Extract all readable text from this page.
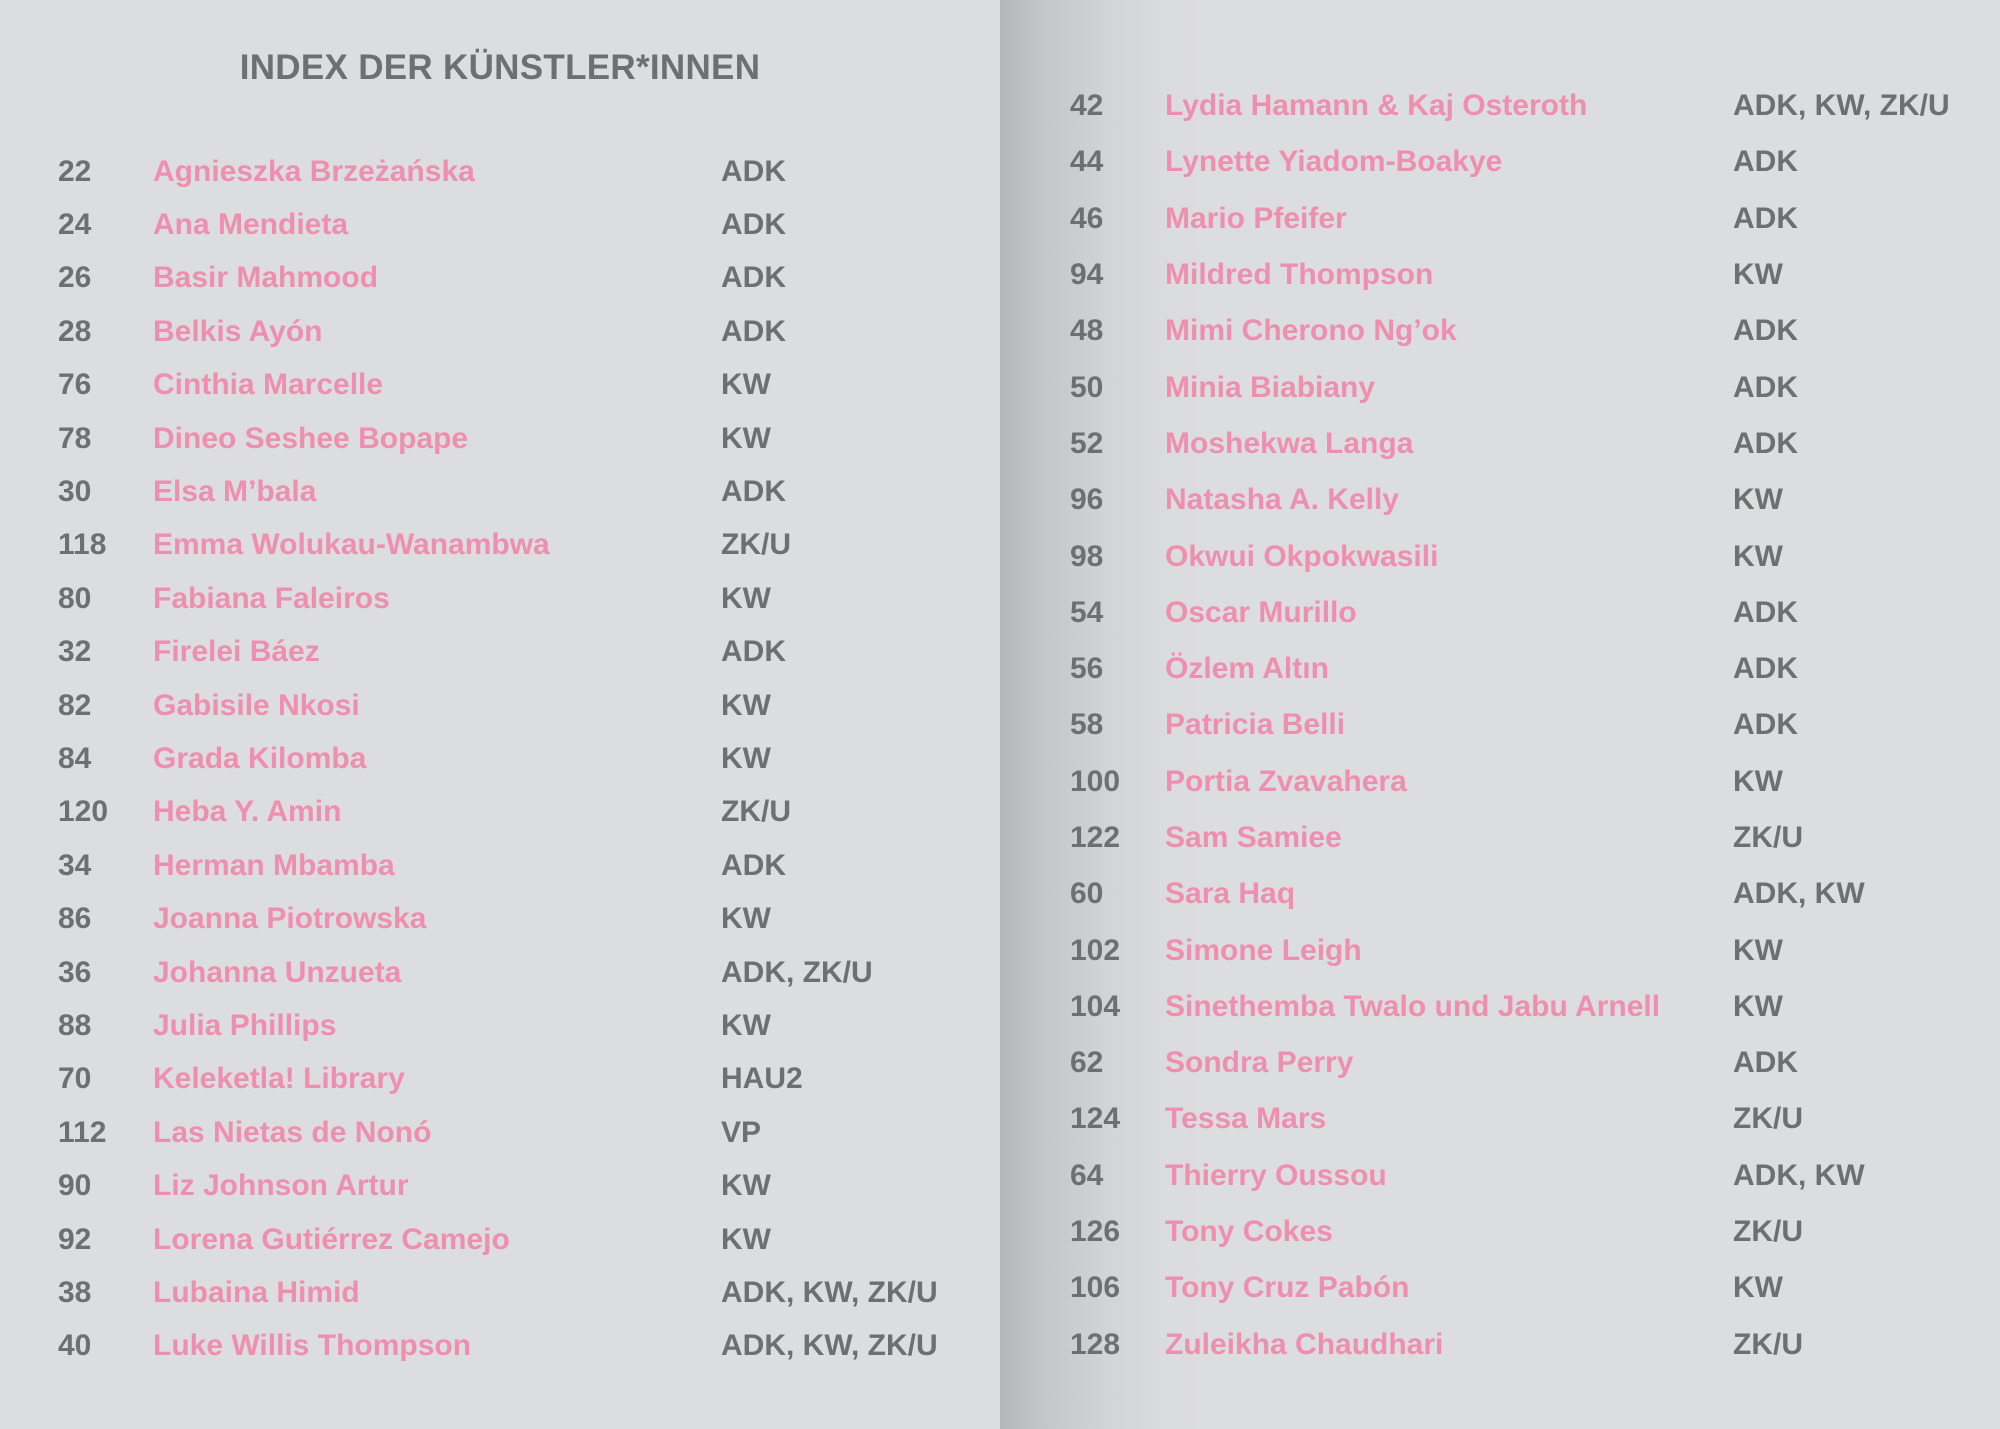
INDEX DER KÜNSTLER*INNEN
22	Agnieszka Brzeżańska	ADK
24	Ana Mendieta	ADK
26	Basir Mahmood	ADK
28	Belkis Ayón	ADK
76	Cinthia Marcelle	KW
78	Dineo Seshee Bopape	KW
30	Elsa M’bala	ADK
118	Emma Wolukau-Wanambwa	ZK/U
80	Fabiana Faleiros	KW
32	Firelei Báez	ADK
82	Gabisile Nkosi	KW
84	Grada Kilomba	KW
120	Heba Y. Amin	ZK/U
34	Herman Mbamba	ADK
86	Joanna Piotrowska	KW
36	Johanna Unzueta	ADK, ZK/U
88	Julia Phillips	KW
70	Keleketla! Library	HAU2
112	Las Nietas de Nonó	VP
90	Liz Johnson Artur	KW
92	Lorena Gutiérrez Camejo	KW
38	Lubaina Himid	ADK, KW, ZK/U
40	Luke Willis Thompson	ADK, KW, ZK/U
42	Lydia Hamann & Kaj Osteroth	ADK, KW, ZK/U
44	Lynette Yiadom-Boakye	ADK
46	Mario Pfeifer	ADK
94	Mildred Thompson	KW
48	Mimi Cherono Ng’ok	ADK
50	Minia Biabiany	ADK
52	Moshekwa Langa	ADK
96	Natasha A. Kelly	KW
98	Okwui Okpokwasili	KW
54	Oscar Murillo	ADK
56	Özlem Altın	ADK
58	Patricia Belli	ADK
100	Portia Zvavahera	KW
122	Sam Samiee	ZK/U
60	Sara Haq	ADK, KW
102	Simone Leigh	KW
104	Sinethemba Twalo und Jabu Arnell	KW
62	Sondra Perry	ADK
124	Tessa Mars	ZK/U
64	Thierry Oussou	ADK, KW
126	Tony Cokes	ZK/U
106	Tony Cruz Pabón	KW
128	Zuleikha Chaudhari	ZK/U
